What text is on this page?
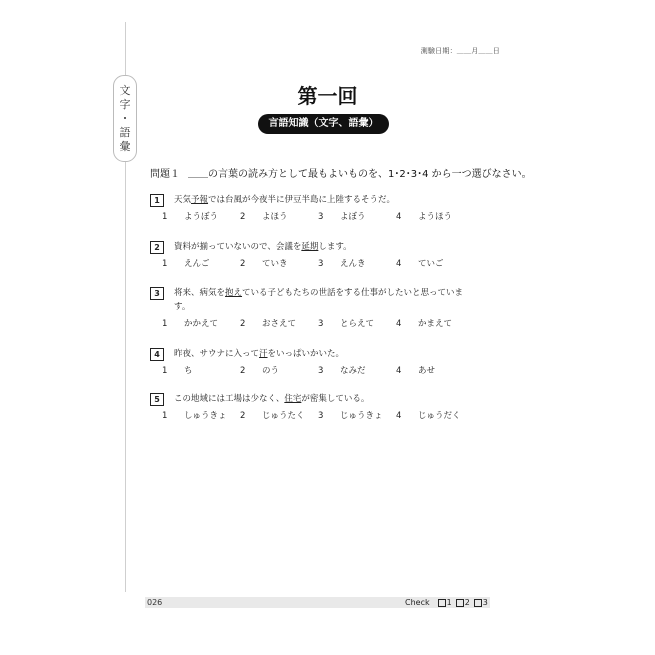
文
字
・
語
彙
測驗日期：＿＿月＿＿日
第一回
言語知識（文字、語彙）
問題１ ＿＿の言葉の読み方として最もよいものを、1･2･3･4 から一つ選びなさい。
1	天気予報では台風が今夜半に伊豆半島に上陸するそうだ。
1	ようぼう	2	よほう	3	よぼう	4	ようほう
2	資料が揃っていないので、会議を延期します。
1	えんご	2	ていき	3	えんき	4	ていご
3	将来、病気を抱えている子どもたちの世話をする仕事がしたいと思っていま
す。
1	かかえて	2	おさえて	3	とらえて	4	かまえて
4	昨夜、サウナに入って汗をいっぱいかいた。
1	ち	2	のう	3	なみだ	4	あせ
5	この地域には工場は少なく、住宅が密集している。
1	しゅうきょ 2	じゅうたく 3	じゅうきょ 4	じゅうだく
026	Check 1 2 3
